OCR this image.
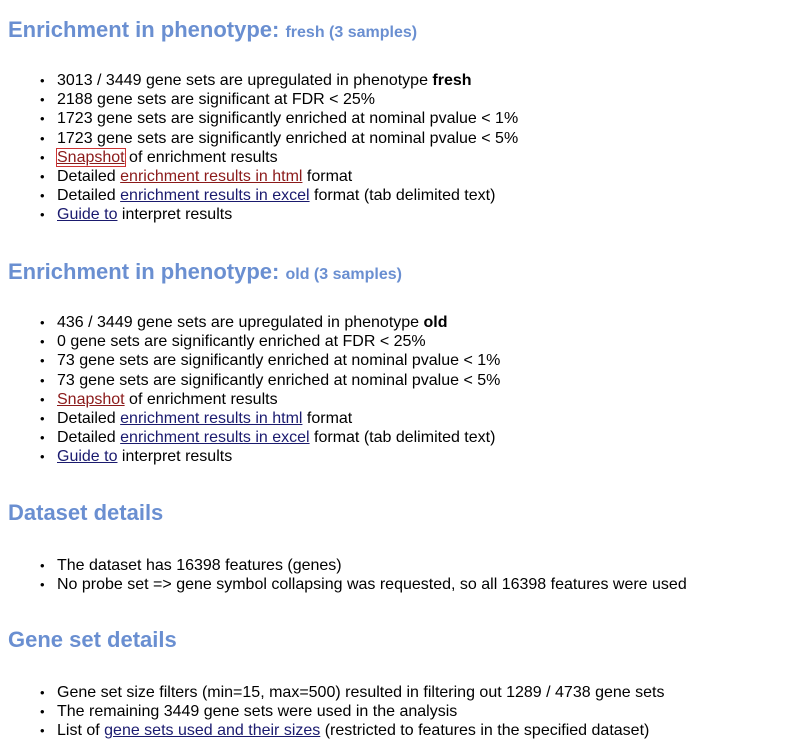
Enrichment in phenotype: fresh (3 samples)
• 3013 / 3449 gene sets are upregulated in phenotype fresh
• 2188 gene sets are significant at FDR < 25%
• 1723 gene sets are significantly enriched at nominal pvalue < 1%
• 1723 gene sets are significantly enriched at nominal pvalue < 5%
• Snapshot of enrichment results
• Detailed enrichment results in html format
• Detailed enrichment results in excel format (tab delimited text)
• Guide to interpret results
Enrichment in phenotype: old (3 samples)
• 436 / 3449 gene sets are upregulated in phenotype old
• 0 gene sets are significantly enriched at FDR < 25%
• 73 gene sets are significantly enriched at nominal pvalue < 1%
• 73 gene sets are significantly enriched at nominal pvalue < 5%
• Snapshot of enrichment results
• Detailed enrichment results in html format
• Detailed enrichment results in excel format (tab delimited text)
• Guide to interpret results
Dataset details
• The dataset has 16398 features (genes)
• No probe set => gene symbol collapsing was requested, so all 16398 features were used
Gene set details
• Gene set size filters (min=15, max=500) resulted in filtering out 1289 / 4738 gene sets
• The remaining 3449 gene sets were used in the analysis
• List of gene sets used and their sizes (restricted to features in the specified dataset)
